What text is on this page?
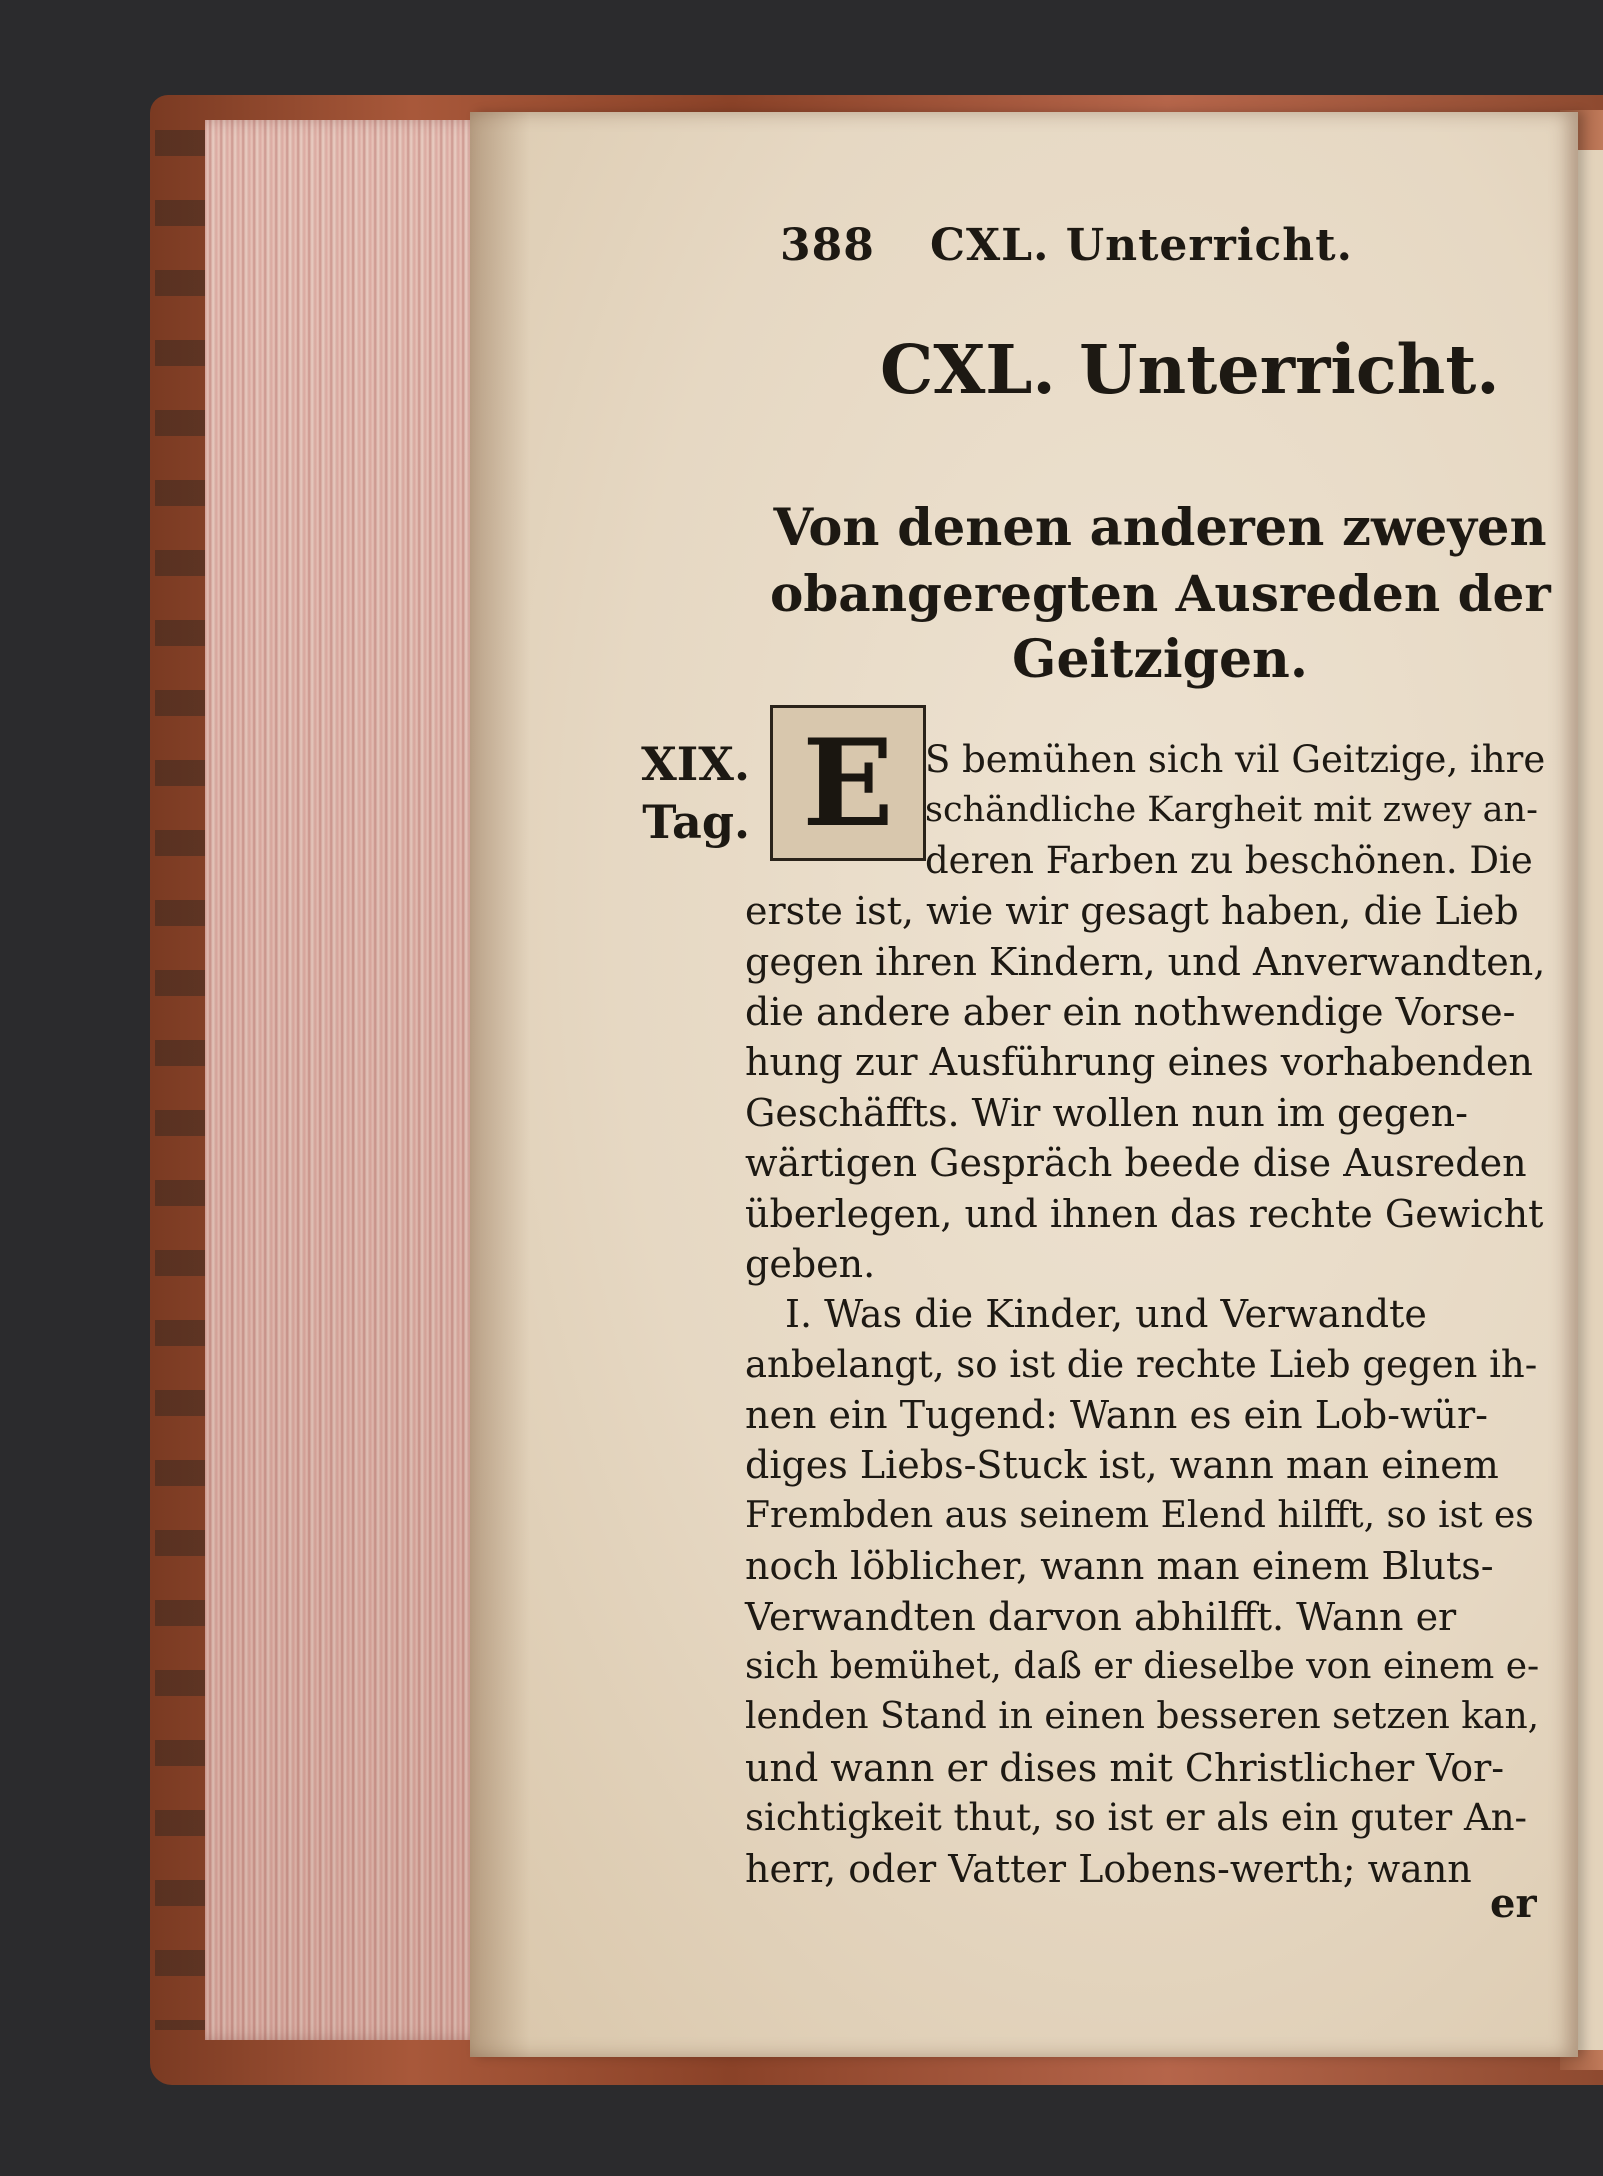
388 CXL. Unterricht.
CXL. Unterricht.
Von denen anderen zweyen
obangeregten Ausreden der
Geitzigen.
XIX.
Tag. E S bemühen sich vil Geitzige, ihre
schändliche Kargheit mit zwey an-
deren Farben zu beschönen. Die
erste ist, wie wir gesagt haben, die Lieb
gegen ihren Kindern, und Anverwandten,
die andere aber ein nothwendige Vorse-
hung zur Ausführung eines vorhabenden
Geschäffts. Wir wollen nun im gegen-
wärtigen Gespräch beede dise Ausreden
überlegen, und ihnen das rechte Gewicht
geben.
I. Was die Kinder, und Verwandte
anbelangt, so ist die rechte Lieb gegen ih-
nen ein Tugend: Wann es ein Lob-wür-
diges Liebs-Stuck ist, wann man einem
Frembden aus seinem Elend hilfft, so ist es
noch löblicher, wann man einem Bluts-
Verwandten darvon abhilfft. Wann er
sich bemühet, daß er dieselbe von einem e-
lenden Stand in einen besseren setzen kan,
und wann er dises mit Christlicher Vor-
sichtigkeit thut, so ist er als ein guter An-
herr, oder Vatter Lobens-werth; wann
er
